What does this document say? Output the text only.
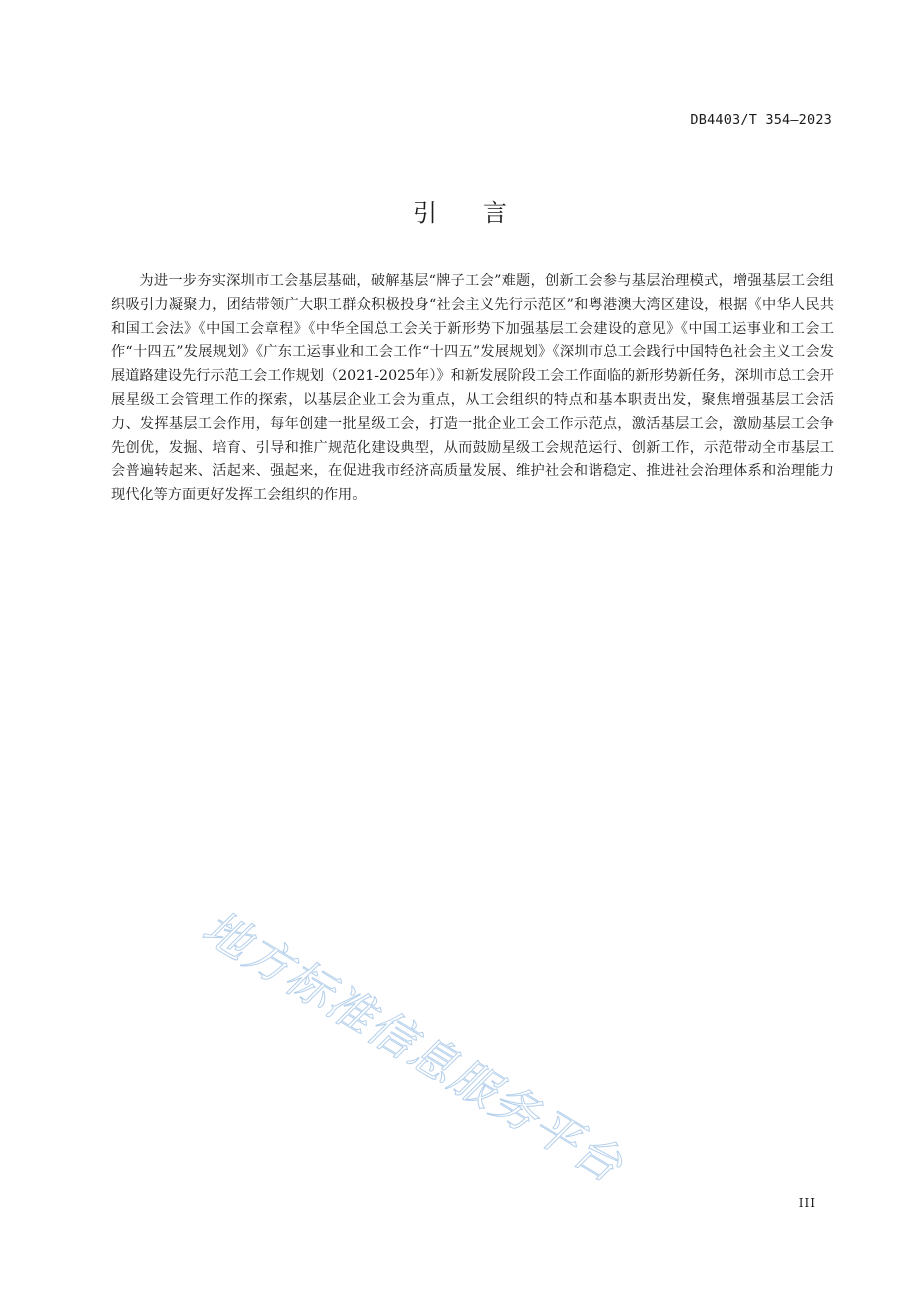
DB4403/T 354—2023
引言

为进一步夯实深圳市工会基层基础，破解基层“牌子工会”难题，创新工会参与基层治理模式，增强基层工会组织吸引力凝聚力，团结带领广大职工群众积极投身“社会主义先行示范区”和粤港澳大湾区建设，根据《中华人民共和国工会法》《中国工会章程》《中华全国总工会关于新形势下加强基层工会建设的意见》《中国工运事业和工会工作“十四五”发展规划》《广东工运事业和工会工作“十四五”发展规划》《深圳市总工会践行中国特色社会主义工会发展道路建设先行示范工会工作规划（2021-2025年）》和新发展阶段工会工作面临的新形势新任务，深圳市总工会开展星级工会管理工作的探索，以基层企业工会为重点，从工会组织的特点和基本职责出发，聚焦增强基层工会活力、发挥基层工会作用，每年创建一批星级工会，打造一批企业工会工作示范点，激活基层工会，激励基层工会争先创优，发掘、培育、引导和推广规范化建设典型，从而鼓励星级工会规范运行、创新工作，示范带动全市基层工会普遍转起来、活起来、强起来，在促进我市经济高质量发展、维护社会和谐稳定、推进社会治理体系和治理能力现代化等方面更好发挥工会组织的作用。

地方标准信息服务平台
III
